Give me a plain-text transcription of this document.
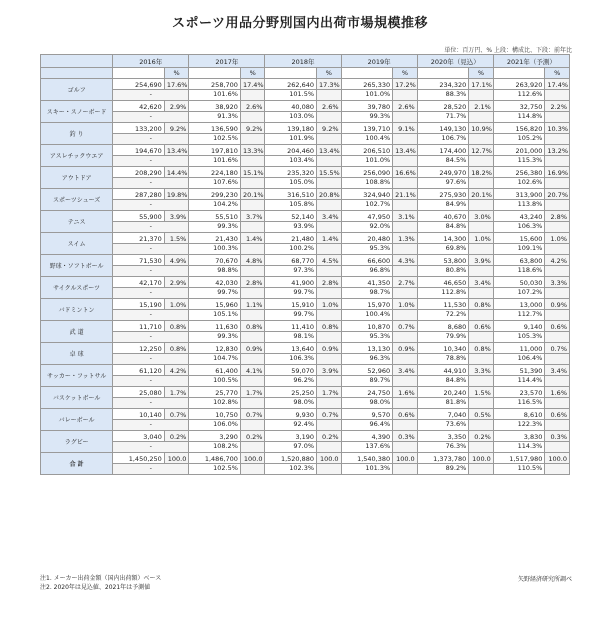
スポーツ用品分野別国内出荷市場規模推移
単位：百万円、% 上段：構成比、下段：前年比
	2016年		2017年		2018年		2019年		2020年（見込）		2021年（予測）	
		%		%		%		%		%		%
ゴルフ	254,690	17.6%	258,700	17.4%	262,640	17.3%	265,330	17.2%	234,320	17.1%	263,920	17.4%
	-		101.6%		101.5%		101.0%		88.3%		112.6%	
スキー・スノーボード	42,620	2.9%	38,920	2.6%	40,080	2.6%	39,780	2.6%	28,520	2.1%	32,750	2.2%
	-		91.3%		103.0%		99.3%		71.7%		114.8%	
釣 り	133,200	9.2%	136,590	9.2%	139,180	9.2%	139,710	9.1%	149,130	10.9%	156,820	10.3%
	-		102.5%		101.9%		100.4%		106.7%		105.2%	
アスレチックウエア	194,670	13.4%	197,810	13.3%	204,460	13.4%	206,510	13.4%	174,400	12.7%	201,000	13.2%
	-		101.6%		103.4%		101.0%		84.5%		115.3%	
アウトドア	208,290	14.4%	224,180	15.1%	235,320	15.5%	256,090	16.6%	249,970	18.2%	256,380	16.9%
	-		107.6%		105.0%		108.8%		97.6%		102.6%	
スポーツシューズ	287,280	19.8%	299,230	20.1%	316,510	20.8%	324,940	21.1%	275,930	20.1%	313,900	20.7%
	-		104.2%		105.8%		102.7%		84.9%		113.8%	
テニス	55,900	3.9%	55,510	3.7%	52,140	3.4%	47,950	3.1%	40,670	3.0%	43,240	2.8%
	-		99.3%		93.9%		92.0%		84.8%		106.3%	
スイム	21,370	1.5%	21,430	1.4%	21,480	1.4%	20,480	1.3%	14,300	1.0%	15,600	1.0%
	-		100.3%		100.2%		95.3%		69.8%		109.1%	
野球・ソフトボール	71,530	4.9%	70,670	4.8%	68,770	4.5%	66,600	4.3%	53,800	3.9%	63,800	4.2%
	-		98.8%		97.3%		96.8%		80.8%		118.6%	
サイクルスポーツ	42,170	2.9%	42,030	2.8%	41,900	2.8%	41,350	2.7%	46,650	3.4%	50,030	3.3%
	-		99.7%		99.7%		98.7%		112.8%		107.2%	
バドミントン	15,190	1.0%	15,960	1.1%	15,910	1.0%	15,970	1.0%	11,530	0.8%	13,000	0.9%
	-		105.1%		99.7%		100.4%		72.2%		112.7%	
武 道	11,710	0.8%	11,630	0.8%	11,410	0.8%	10,870	0.7%	8,680	0.6%	9,140	0.6%
	-		99.3%		98.1%		95.3%		79.9%		105.3%	
卓 球	12,250	0.8%	12,830	0.9%	13,640	0.9%	13,130	0.9%	10,340	0.8%	11,000	0.7%
	-		104.7%		106.3%		96.3%		78.8%		106.4%	
サッカー・フットサル	61,120	4.2%	61,400	4.1%	59,070	3.9%	52,960	3.4%	44,910	3.3%	51,390	3.4%
	-		100.5%		96.2%		89.7%		84.8%		114.4%	
バスケットボール	25,080	1.7%	25,770	1.7%	25,250	1.7%	24,750	1.6%	20,240	1.5%	23,570	1.6%
	-		102.8%		98.0%		98.0%		81.8%		116.5%	
バレーボール	10,140	0.7%	10,750	0.7%	9,930	0.7%	9,570	0.6%	7,040	0.5%	8,610	0.6%
	-		106.0%		92.4%		96.4%		73.6%		122.3%	
ラグビー	3,040	0.2%	3,290	0.2%	3,190	0.2%	4,390	0.3%	3,350	0.2%	3,830	0.3%
	-		108.2%		97.0%		137.6%		76.3%		114.3%	
合 計	1,450,250	100.0	1,486,700	100.0	1,520,880	100.0	1,540,380	100.0	1,373,780	100.0	1,517,980	100.0
	-		102.5%		102.3%		101.3%		89.2%		110.5%	
注1. メーカー出荷金額（国内出荷額）ベース
注2. 2020年は見込値、2021年は予測値
矢野経済研究所調べ
